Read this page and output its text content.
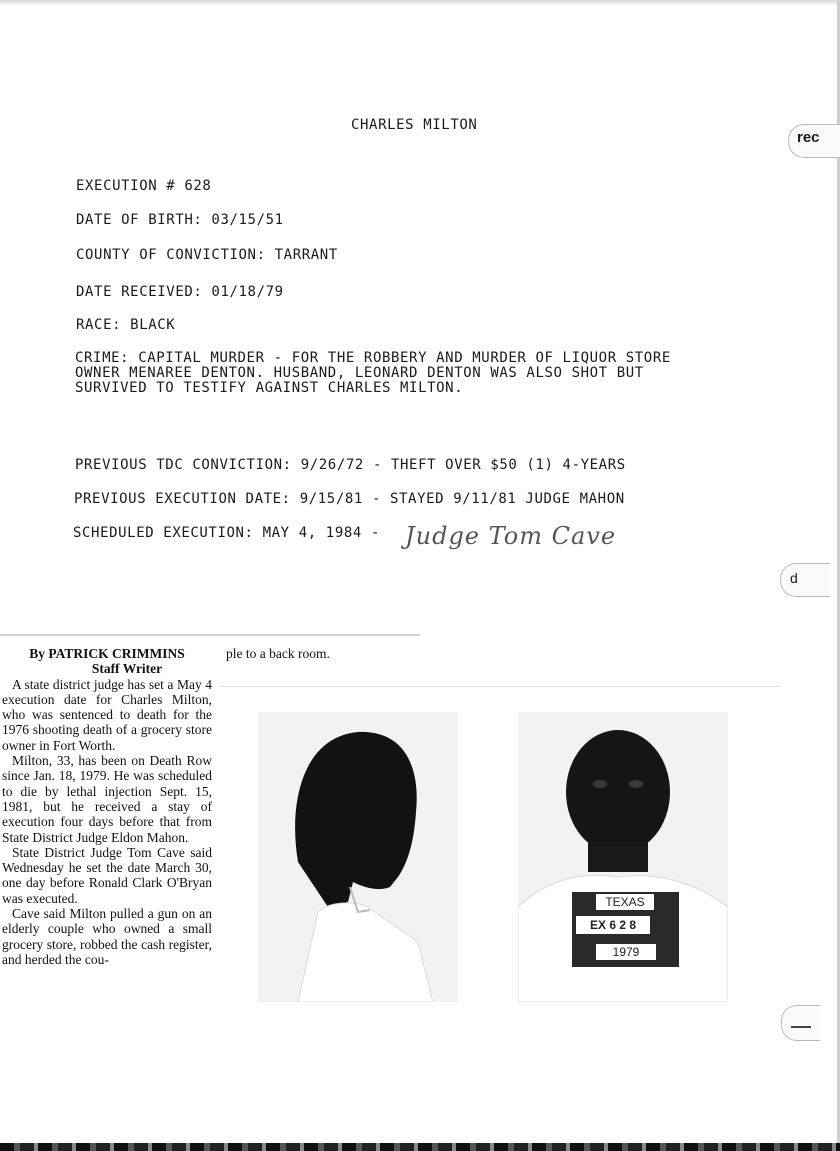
CHARLES MILTON
EXECUTION # 628
DATE OF BIRTH: 03/15/51
COUNTY OF CONVICTION: TARRANT
DATE RECEIVED: 01/18/79
RACE: BLACK
CRIME: CAPITAL MURDER - FOR THE ROBBERY AND MURDER OF LIQUOR STORE
OWNER MENAREE DENTON. HUSBAND, LEONARD DENTON WAS ALSO SHOT BUT
SURVIVED TO TESTIFY AGAINST CHARLES MILTON.
PREVIOUS TDC CONVICTION: 9/26/72 - THEFT OVER $50 (1) 4-YEARS
PREVIOUS EXECUTION DATE: 9/15/81 - STAYED 9/11/81 JUDGE MAHON
SCHEDULED EXECUTION: MAY 4, 1984 - Judge Tom Cave
rec
d
By PATRICK CRIMMINS
Staff Writer
A state district judge has set a May 4 execution date for Charles Milton, who was sentenced to death for the 1976 shooting death of a grocery store owner in Fort Worth.
Milton, 33, has been on Death Row since Jan. 18, 1979. He was scheduled to die by lethal injection Sept. 15, 1981, but he received a stay of execution four days before that from State District Judge Eldon Mahon.
State District Judge Tom Cave said Wednesday he set the date March 30, one day before Ronald Clark O'Bryan was executed.
Cave said Milton pulled a gun on an elderly couple who owned a small grocery store, robbed the cash register, and herded the cou-
ple to a back room.
TEXAS
EX 6 2 8
1979
